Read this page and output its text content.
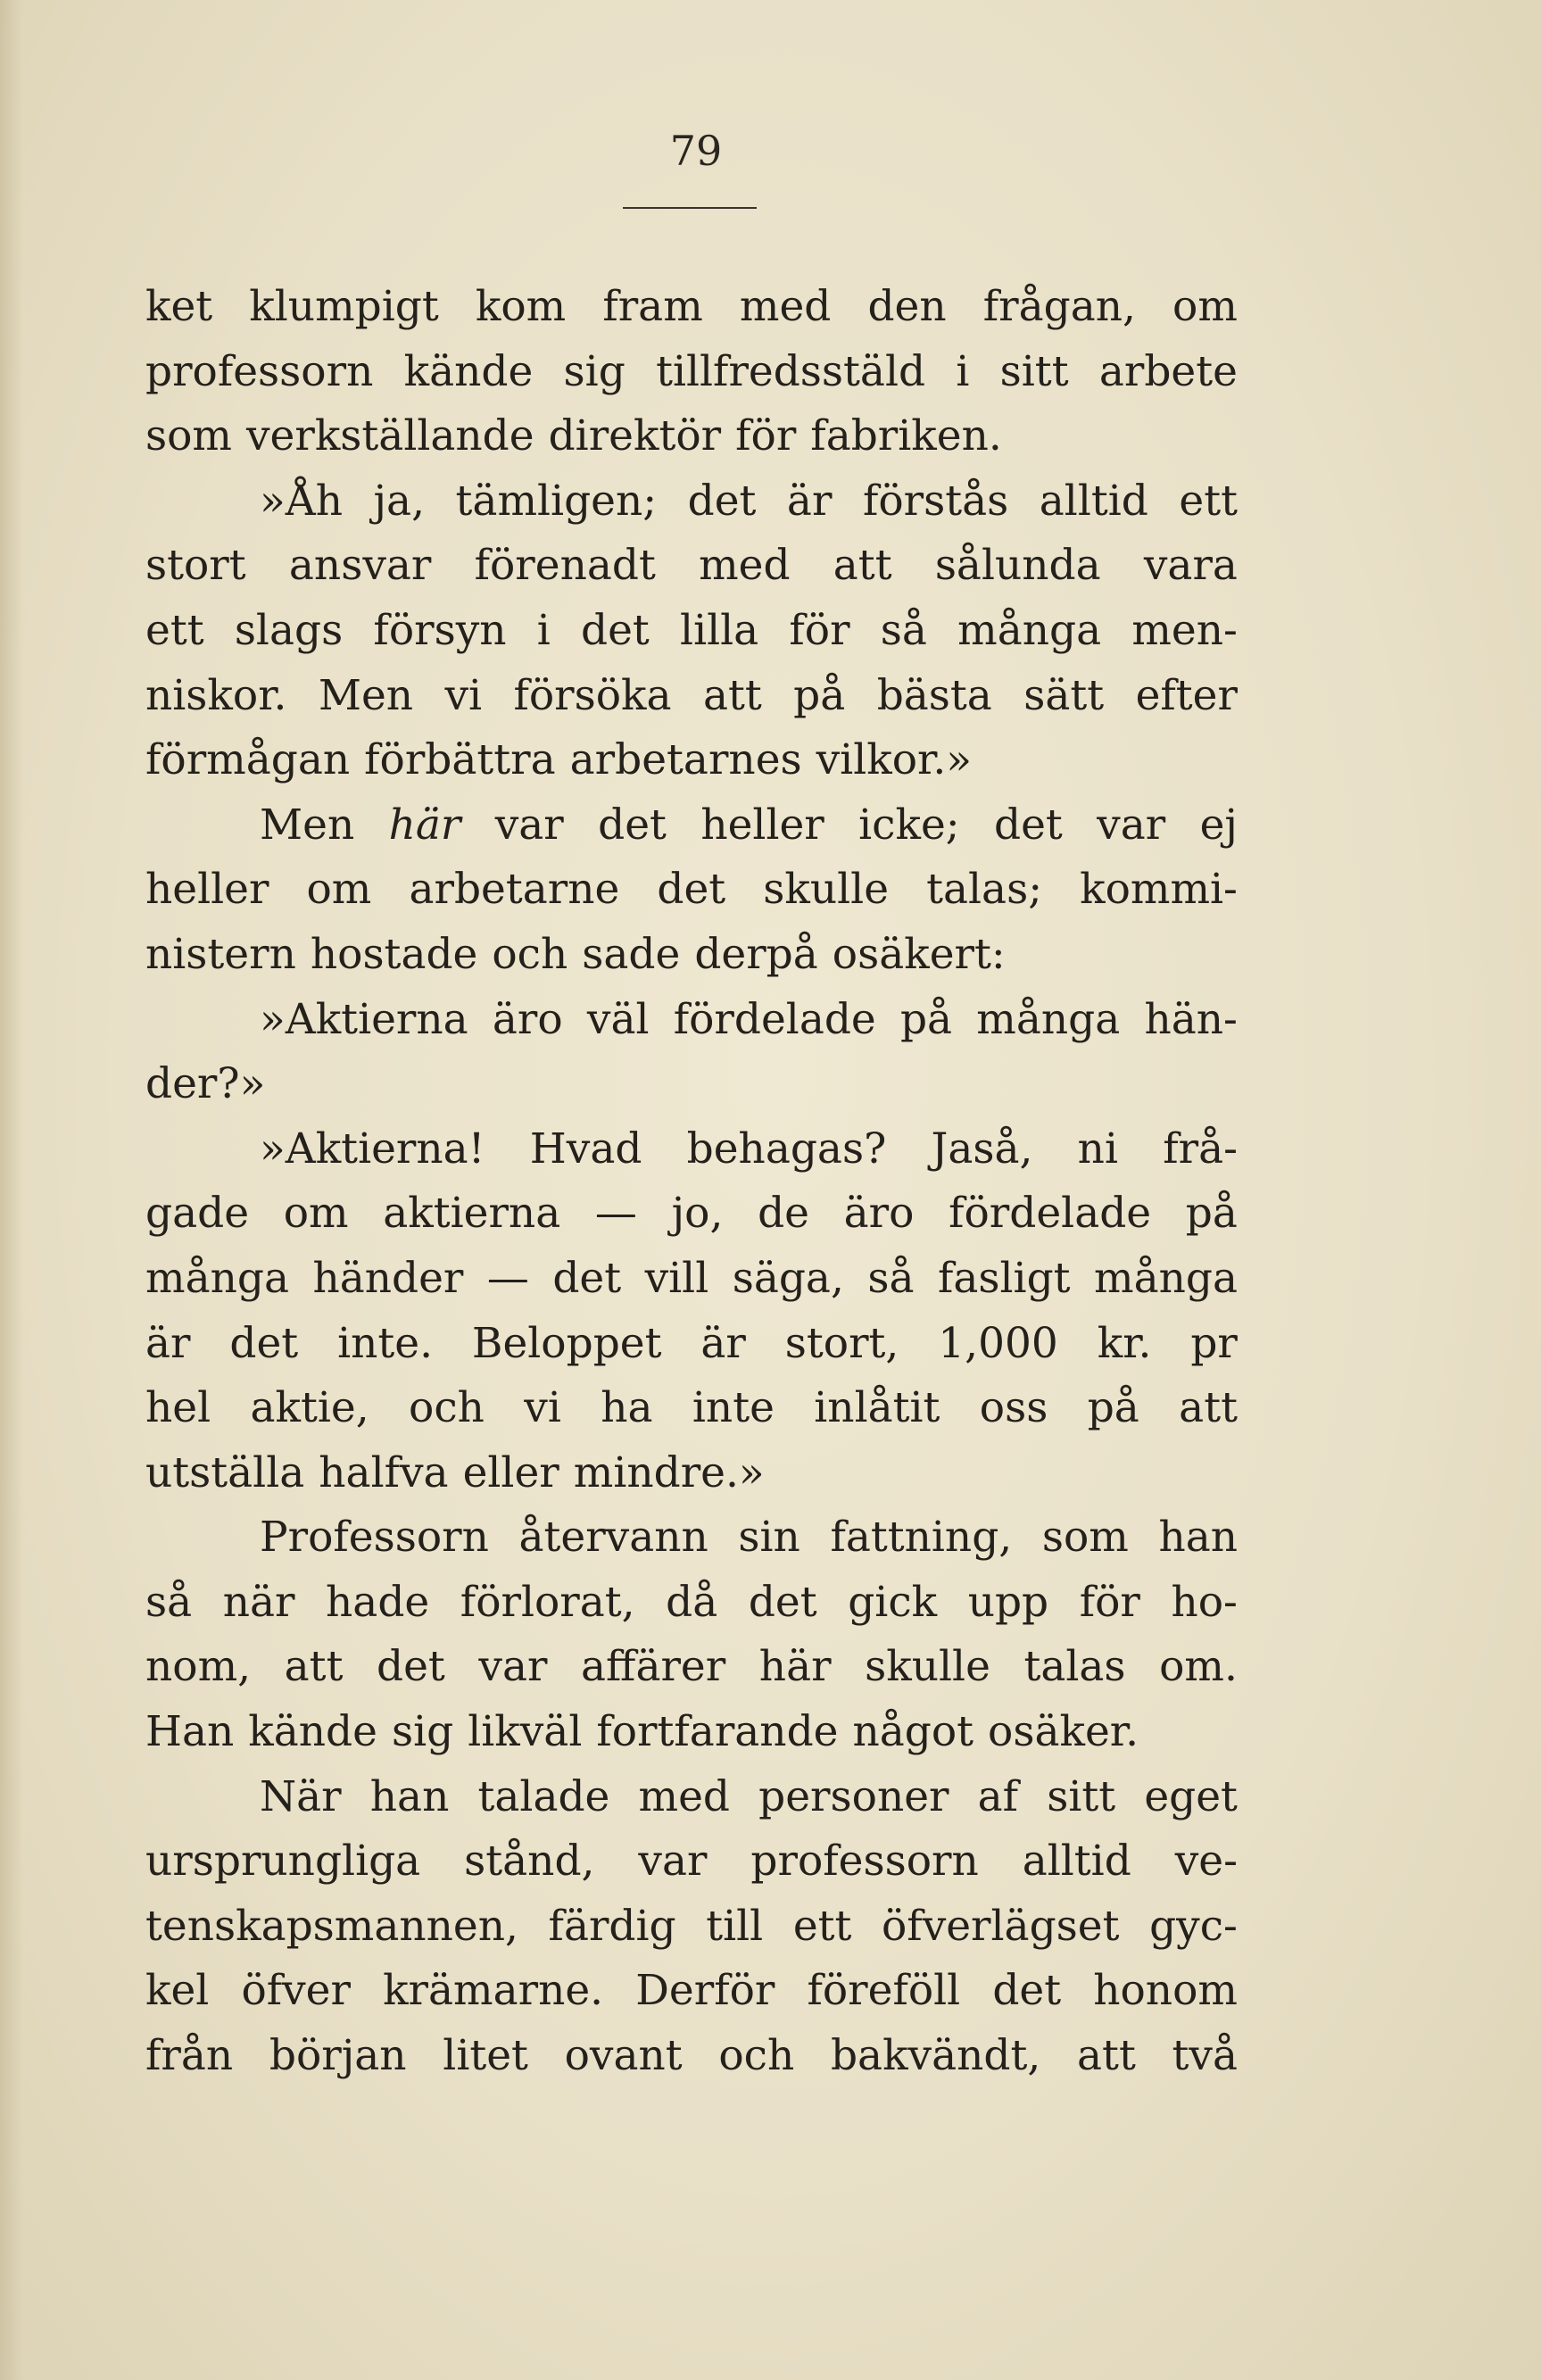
79
ket klumpigt kom fram med den frågan, om
professorn kände sig tillfredsstäld i sitt arbete
som verkställande direktör för fabriken.
»Åh ja, tämligen; det är förstås alltid ett
stort ansvar förenadt med att sålunda vara
ett slags försyn i det lilla för så många men-
niskor. Men vi försöka att på bästa sätt efter
förmågan förbättra arbetarnes vilkor.»
Men här var det heller icke; det var ej
heller om arbetarne det skulle talas; kommi-
nistern hostade och sade derpå osäkert:
»Aktierna äro väl fördelade på många hän-
der?»
»Aktierna! Hvad behagas? Jaså, ni frå-
gade om aktierna — jo, de äro fördelade på
många händer — det vill säga, så fasligt många
är det inte. Beloppet är stort, 1,000 kr. pr
hel aktie, och vi ha inte inlåtit oss på att
utställa halfva eller mindre.»
Professorn återvann sin fattning, som han
så när hade förlorat, då det gick upp för ho-
nom, att det var affärer här skulle talas om.
Han kände sig likväl fortfarande något osäker.
När han talade med personer af sitt eget
ursprungliga stånd, var professorn alltid ve-
tenskapsmannen, färdig till ett öfverlägset gyc-
kel öfver krämarne. Derför föreföll det honom
från början litet ovant och bakvändt, att två
